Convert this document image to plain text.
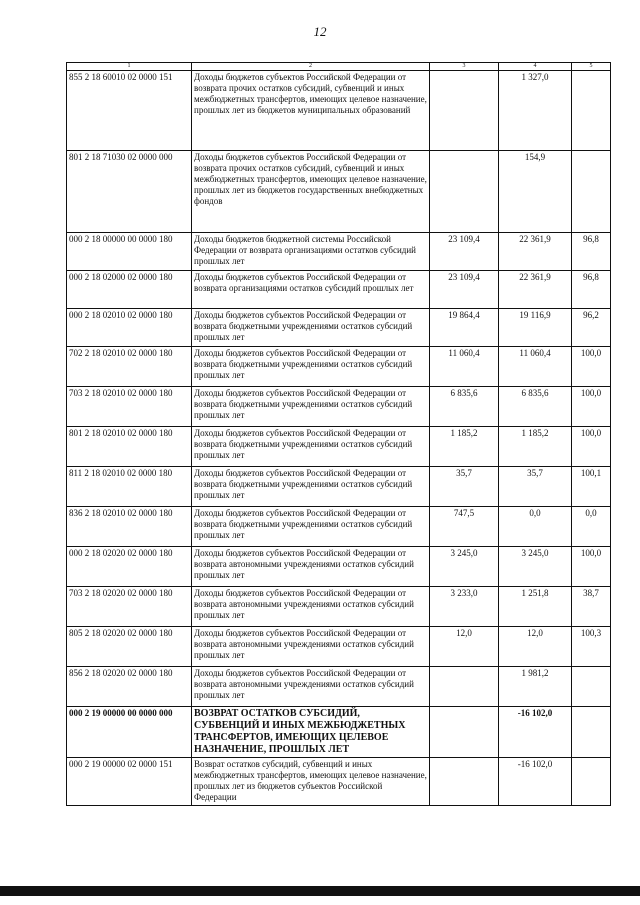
12
1	2	3	4	5
855 2 18 60010 02 0000 151	Доходы бюджетов субъектов Российской Федерации от возврата прочих остатков субсидий, субвенций и иных межбюджетных трансфертов, имеющих целевое назначение, прошлых лет из бюджетов муниципальных образований		1 327,0	
801 2 18 71030 02 0000 000	Доходы бюджетов субъектов Российской Федерации от возврата прочих остатков субсидий, субвенций и иных межбюджетных трансфертов, имеющих целевое назначение, прошлых лет из бюджетов государственных внебюджетных фондов		154,9	
000 2 18 00000 00 0000 180	Доходы бюджетов бюджетной системы Российской Федерации от возврата организациями остатков субсидий прошлых лет	23 109,4	22 361,9	96,8
000 2 18 02000 02 0000 180	Доходы бюджетов субъектов Российской Федерации от возврата организациями остатков субсидий прошлых лет	23 109,4	22 361,9	96,8
000 2 18 02010 02 0000 180	Доходы бюджетов субъектов Российской Федерации от возврата бюджетными учреждениями остатков субсидий прошлых лет	19 864,4	19 116,9	96,2
702 2 18 02010 02 0000 180	Доходы бюджетов субъектов Российской Федерации от возврата бюджетными учреждениями остатков субсидий прошлых лет	11 060,4	11 060,4	100,0
703 2 18 02010 02 0000 180	Доходы бюджетов субъектов Российской Федерации от возврата бюджетными учреждениями остатков субсидий прошлых лет	6 835,6	6 835,6	100,0
801 2 18 02010 02 0000 180	Доходы бюджетов субъектов Российской Федерации от возврата бюджетными учреждениями остатков субсидий прошлых лет	1 185,2	1 185,2	100,0
811 2 18 02010 02 0000 180	Доходы бюджетов субъектов Российской Федерации от возврата бюджетными учреждениями остатков субсидий прошлых лет	35,7	35,7	100,1
836 2 18 02010 02 0000 180	Доходы бюджетов субъектов Российской Федерации от возврата бюджетными учреждениями остатков субсидий прошлых лет	747,5	0,0	0,0
000 2 18 02020 02 0000 180	Доходы бюджетов субъектов Российской Федерации от возврата автономными учреждениями остатков субсидий прошлых лет	3 245,0	3 245,0	100,0
703 2 18 02020 02 0000 180	Доходы бюджетов субъектов Российской Федерации от возврата автономными учреждениями остатков субсидий прошлых лет	3 233,0	1 251,8	38,7
805 2 18 02020 02 0000 180	Доходы бюджетов субъектов Российской Федерации от возврата автономными учреждениями остатков субсидий прошлых лет	12,0	12,0	100,3
856 2 18 02020 02 0000 180	Доходы бюджетов субъектов Российской Федерации от возврата автономными учреждениями остатков субсидий прошлых лет		1 981,2	
000 2 19 00000 00 0000 000	ВОЗВРАТ ОСТАТКОВ СУБСИДИЙ, СУБВЕНЦИЙ И ИНЫХ МЕЖБЮДЖЕТНЫХ ТРАНСФЕРТОВ, ИМЕЮЩИХ ЦЕЛЕВОЕ НАЗНАЧЕНИЕ, ПРОШЛЫХ ЛЕТ		-16 102,0	
000 2 19 00000 02 0000 151	Возврат остатков субсидий, субвенций и иных межбюджетных трансфертов, имеющих целевое назначение, прошлых лет из бюджетов субъектов Российской Федерации		-16 102,0	
